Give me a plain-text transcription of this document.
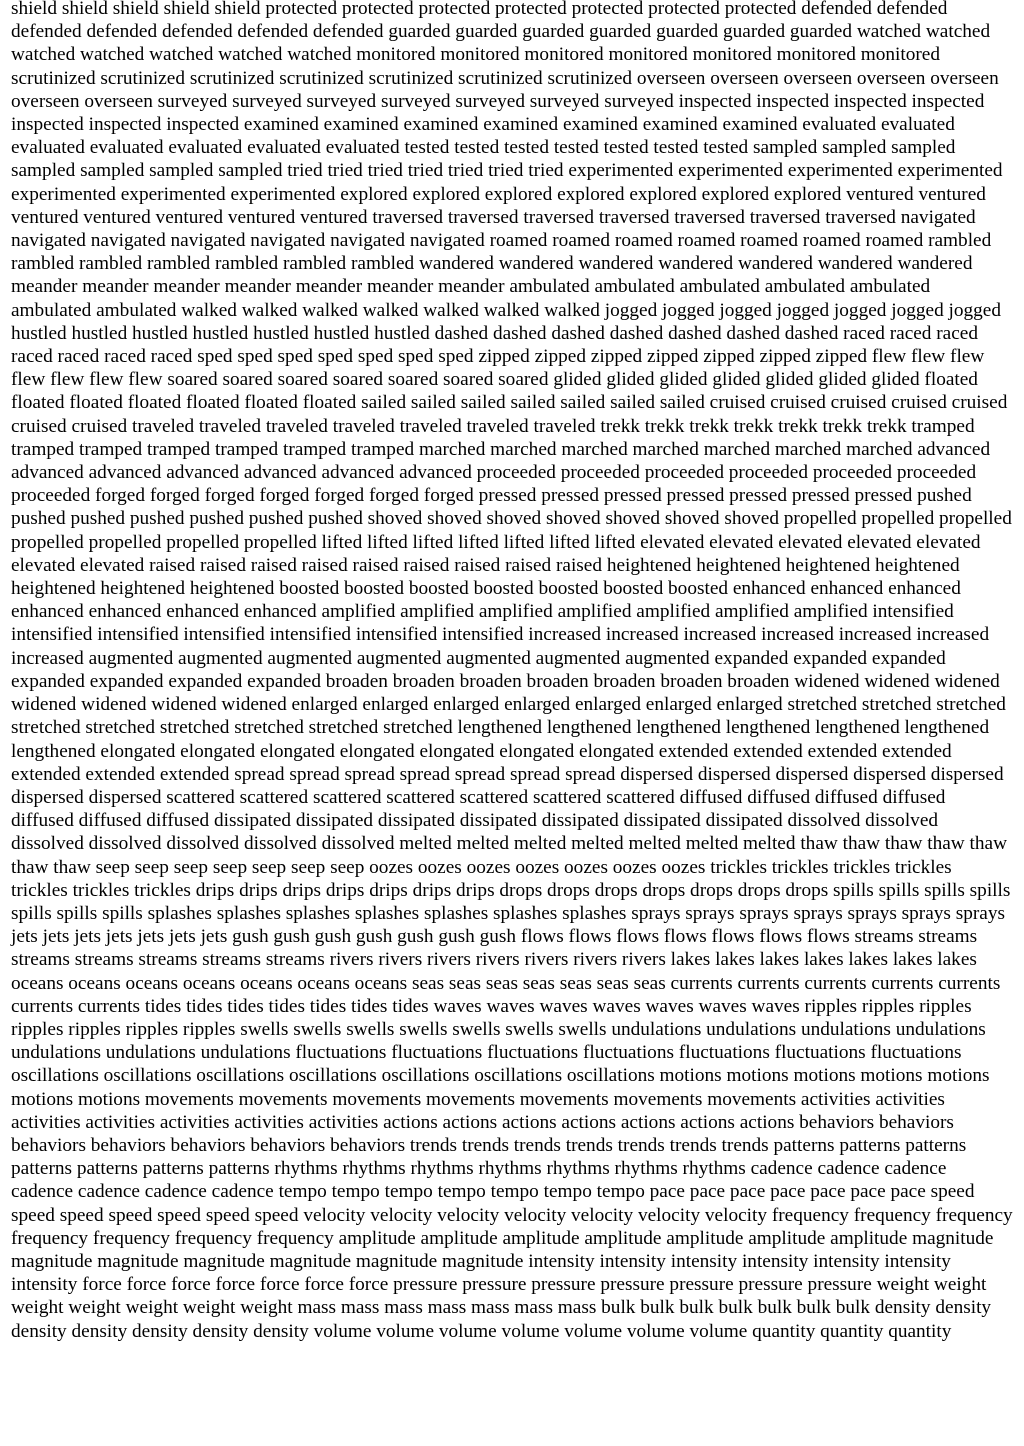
shield shield shield shield shield protected protected protected protected protected protected protected defended defended defended defended defended defended defended guarded guarded guarded guarded guarded guarded guarded watched watched watched watched watched watched watched monitored monitored monitored monitored monitored monitored monitored scrutinized scrutinized scrutinized scrutinized scrutinized scrutinized scrutinized overseen overseen overseen overseen overseen overseen overseen surveyed surveyed surveyed surveyed surveyed surveyed surveyed inspected inspected inspected inspected inspected inspected inspected examined examined examined examined examined examined examined evaluated evaluated evaluated evaluated evaluated evaluated evaluated tested tested tested tested tested tested tested sampled sampled sampled sampled sampled sampled sampled tried tried tried tried tried tried tried experimented experimented experimented experimented experimented experimented experimented explored explored explored explored explored explored explored ventured ventured ventured ventured ventured ventured ventured traversed traversed traversed traversed traversed traversed traversed navigated navigated navigated navigated navigated navigated navigated roamed roamed roamed roamed roamed roamed roamed rambled rambled rambled rambled rambled rambled rambled wandered wandered wandered wandered wandered wandered wandered meander meander meander meander meander meander meander ambulated ambulated ambulated ambulated ambulated ambulated ambulated walked walked walked walked walked walked walked jogged jogged jogged jogged jogged jogged jogged hustled hustled hustled hustled hustled hustled hustled dashed dashed dashed dashed dashed dashed dashed raced raced raced raced raced raced raced sped sped sped sped sped sped sped zipped zipped zipped zipped zipped zipped zipped flew flew flew flew flew flew flew soared soared soared soared soared soared soared glided glided glided glided glided glided glided floated floated floated floated floated floated floated sailed sailed sailed sailed sailed sailed sailed cruised cruised cruised cruised cruised cruised cruised traveled traveled traveled traveled traveled traveled traveled trekk trekk trekk trekk trekk trekk trekk tramped tramped tramped tramped tramped tramped tramped marched marched marched marched marched marched marched advanced advanced advanced advanced advanced advanced advanced proceeded proceeded proceeded proceeded proceeded proceeded proceeded forged forged forged forged forged forged forged pressed pressed pressed pressed pressed pressed pressed pushed pushed pushed pushed pushed pushed pushed shoved shoved shoved shoved shoved shoved shoved propelled propelled propelled propelled propelled propelled propelled lifted lifted lifted lifted lifted lifted lifted elevated elevated elevated elevated elevated elevated elevated raised raised raised raised raised raised raised raised raised heightened heightened heightened heightened heightened heightened heightened boosted boosted boosted boosted boosted boosted boosted enhanced enhanced enhanced enhanced enhanced enhanced enhanced amplified amplified amplified amplified amplified amplified amplified intensified intensified intensified intensified intensified intensified intensified increased increased increased increased increased increased increased augmented augmented augmented augmented augmented augmented augmented expanded expanded expanded expanded expanded expanded expanded broaden broaden broaden broaden broaden broaden broaden widened widened widened widened widened widened widened enlarged enlarged enlarged enlarged enlarged enlarged enlarged stretched stretched stretched stretched stretched stretched stretched stretched stretched lengthened lengthened lengthened lengthened lengthened lengthened lengthened elongated elongated elongated elongated elongated elongated elongated extended extended extended extended extended extended extended spread spread spread spread spread spread spread dispersed dispersed dispersed dispersed dispersed dispersed dispersed scattered scattered scattered scattered scattered scattered scattered diffused diffused diffused diffused diffused diffused diffused dissipated dissipated dissipated dissipated dissipated dissipated dissipated dissolved dissolved dissolved dissolved dissolved dissolved dissolved melted melted melted melted melted melted melted thaw thaw thaw thaw thaw thaw thaw seep seep seep seep seep seep seep oozes oozes oozes oozes oozes oozes oozes trickles trickles trickles trickles trickles trickles trickles drips drips drips drips drips drips drips drops drops drops drops drops drops drops spills spills spills spills spills spills spills splashes splashes splashes splashes splashes splashes splashes sprays sprays sprays sprays sprays sprays sprays jets jets jets jets jets jets jets gush gush gush gush gush gush gush flows flows flows flows flows flows flows streams streams streams streams streams streams streams rivers rivers rivers rivers rivers rivers rivers lakes lakes lakes lakes lakes lakes lakes oceans oceans oceans oceans oceans oceans oceans seas seas seas seas seas seas seas currents currents currents currents currents currents currents tides tides tides tides tides tides tides waves waves waves waves waves waves waves ripples ripples ripples ripples ripples ripples ripples swells swells swells swells swells swells swells undulations undulations undulations undulations undulations undulations undulations fluctuations fluctuations fluctuations fluctuations fluctuations fluctuations fluctuations oscillations oscillations oscillations oscillations oscillations oscillations oscillations motions motions motions motions motions motions motions movements movements movements movements movements movements movements activities activities activities activities activities activities activities actions actions actions actions actions actions actions behaviors behaviors behaviors behaviors behaviors behaviors behaviors trends trends trends trends trends trends trends patterns patterns patterns patterns patterns patterns patterns rhythms rhythms rhythms rhythms rhythms rhythms rhythms cadence cadence cadence cadence cadence cadence cadence tempo tempo tempo tempo tempo tempo tempo pace pace pace pace pace pace pace speed speed speed speed speed speed speed velocity velocity velocity velocity velocity velocity velocity frequency frequency frequency frequency frequency frequency frequency amplitude amplitude amplitude amplitude amplitude amplitude amplitude magnitude magnitude magnitude magnitude magnitude magnitude magnitude intensity intensity intensity intensity intensity intensity intensity force force force force force force force pressure pressure pressure pressure pressure pressure pressure weight weight weight weight weight weight weight mass mass mass mass mass mass mass bulk bulk bulk bulk bulk bulk bulk density density density density density density density volume volume volume volume volume volume volume quantity quantity quantity
